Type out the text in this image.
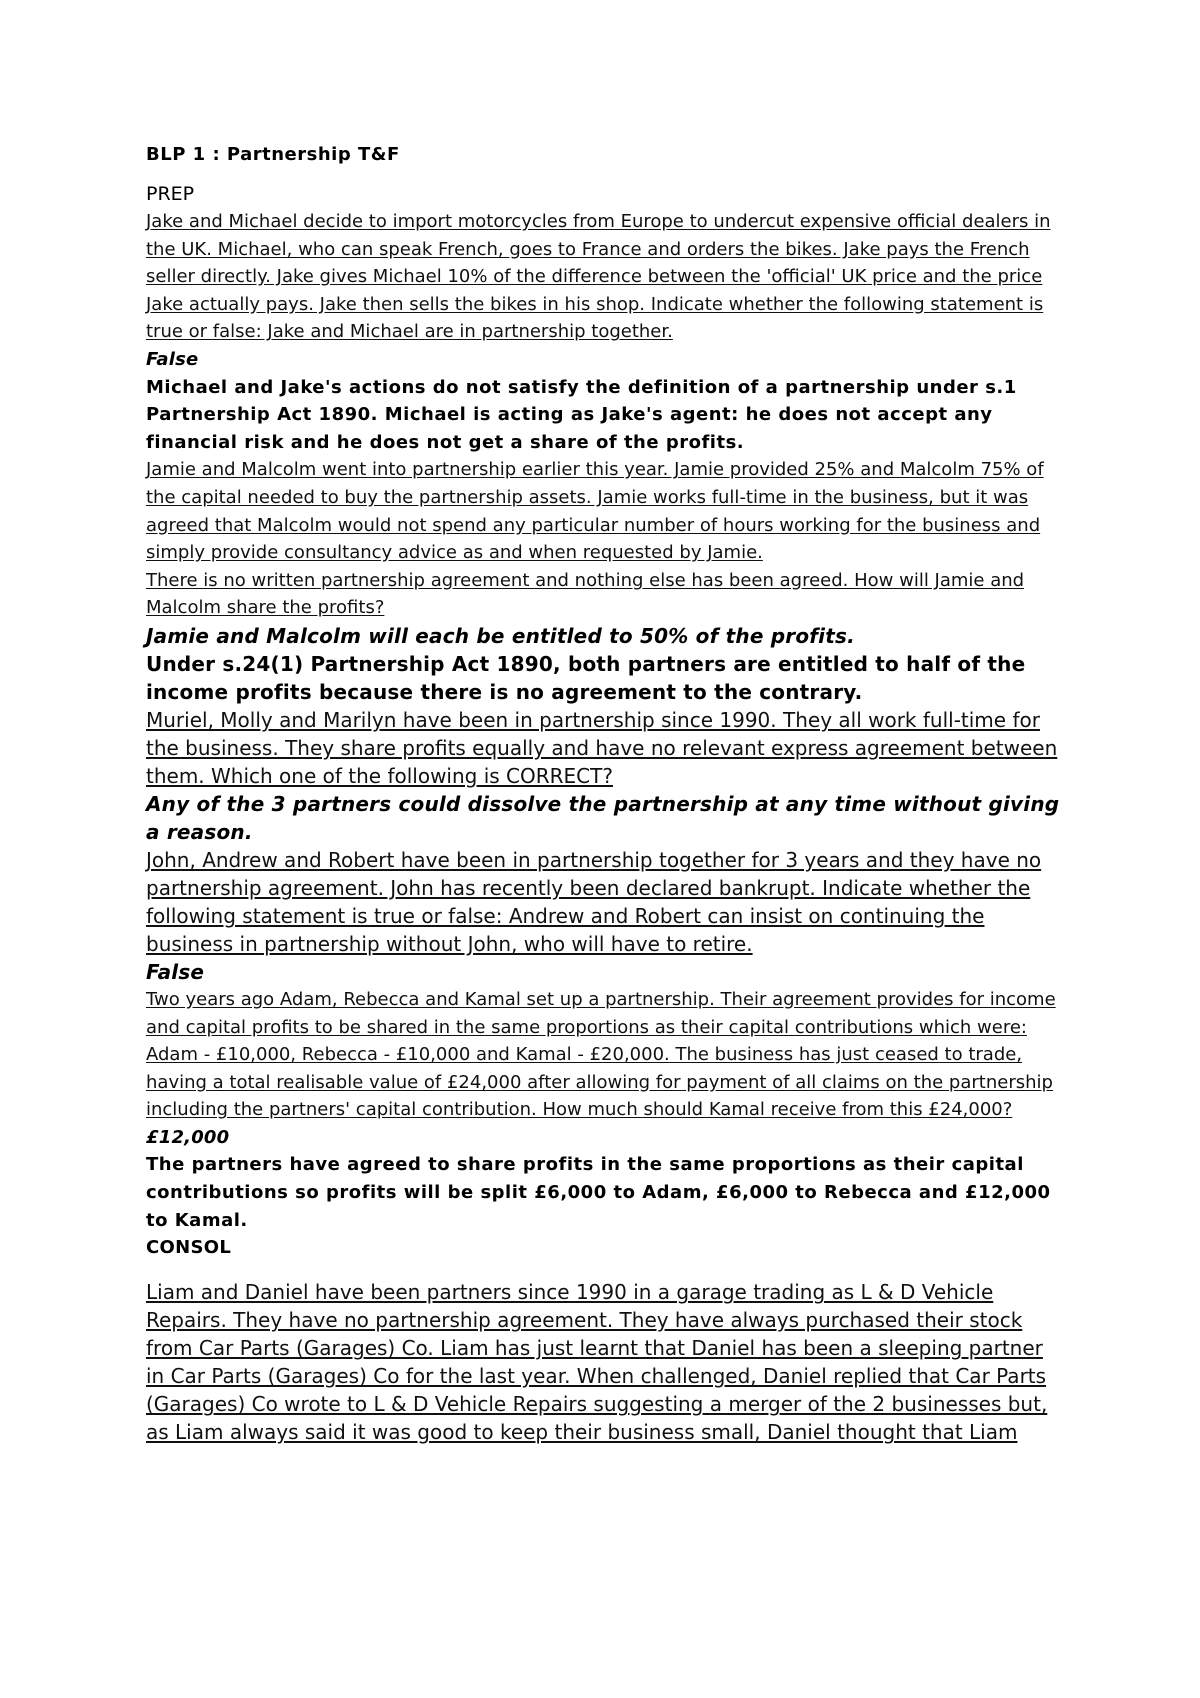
BLP 1 : Partnership T&F
PREP
Jake and Michael decide to import motorcycles from Europe to undercut expensive official dealers in the UK. Michael, who can speak French, goes to France and orders the bikes. Jake pays the French seller directly. Jake gives Michael 10% of the difference between the 'official' UK price and the price Jake actually pays. Jake then sells the bikes in his shop. Indicate whether the following statement is true or false: Jake and Michael are in partnership together.
False
Michael and Jake's actions do not satisfy the definition of a partnership under s.1 Partnership Act 1890. Michael is acting as Jake's agent: he does not accept any financial risk and he does not get a share of the profits.
Jamie and Malcolm went into partnership earlier this year. Jamie provided 25% and Malcolm 75% of the capital needed to buy the partnership assets. Jamie works full-time in the business, but it was agreed that Malcolm would not spend any particular number of hours working for the business and simply provide consultancy advice as and when requested by Jamie.
There is no written partnership agreement and nothing else has been agreed. How will Jamie and Malcolm share the profits?
Jamie and Malcolm will each be entitled to 50% of the profits.
Under s.24(1) Partnership Act 1890, both partners are entitled to half of the income profits because there is no agreement to the contrary.
Muriel, Molly and Marilyn have been in partnership since 1990. They all work full-time for the business. They share profits equally and have no relevant express agreement between them. Which one of the following is CORRECT?
Any of the 3 partners could dissolve the partnership at any time without giving a reason.
John, Andrew and Robert have been in partnership together for 3 years and they have no partnership agreement. John has recently been declared bankrupt. Indicate whether the following statement is true or false: Andrew and Robert can insist on continuing the business in partnership without John, who will have to retire.
False
Two years ago Adam, Rebecca and Kamal set up a partnership. Their agreement provides for income and capital profits to be shared in the same proportions as their capital contributions which were: Adam - £10,000, Rebecca - £10,000 and Kamal - £20,000. The business has just ceased to trade, having a total realisable value of £24,000 after allowing for payment of all claims on the partnership including the partners' capital contribution. How much should Kamal receive from this £24,000?
£12,000
The partners have agreed to share profits in the same proportions as their capital contributions so profits will be split £6,000 to Adam, £6,000 to Rebecca and £12,000 to Kamal.
CONSOL
Liam and Daniel have been partners since 1990 in a garage trading as L & D Vehicle Repairs. They have no partnership agreement. They have always purchased their stock from Car Parts (Garages) Co. Liam has just learnt that Daniel has been a sleeping partner in Car Parts (Garages) Co for the last year. When challenged, Daniel replied that Car Parts (Garages) Co wrote to L & D Vehicle Repairs suggesting a merger of the 2 businesses but, as Liam always said it was good to keep their business small, Daniel thought that Liam
